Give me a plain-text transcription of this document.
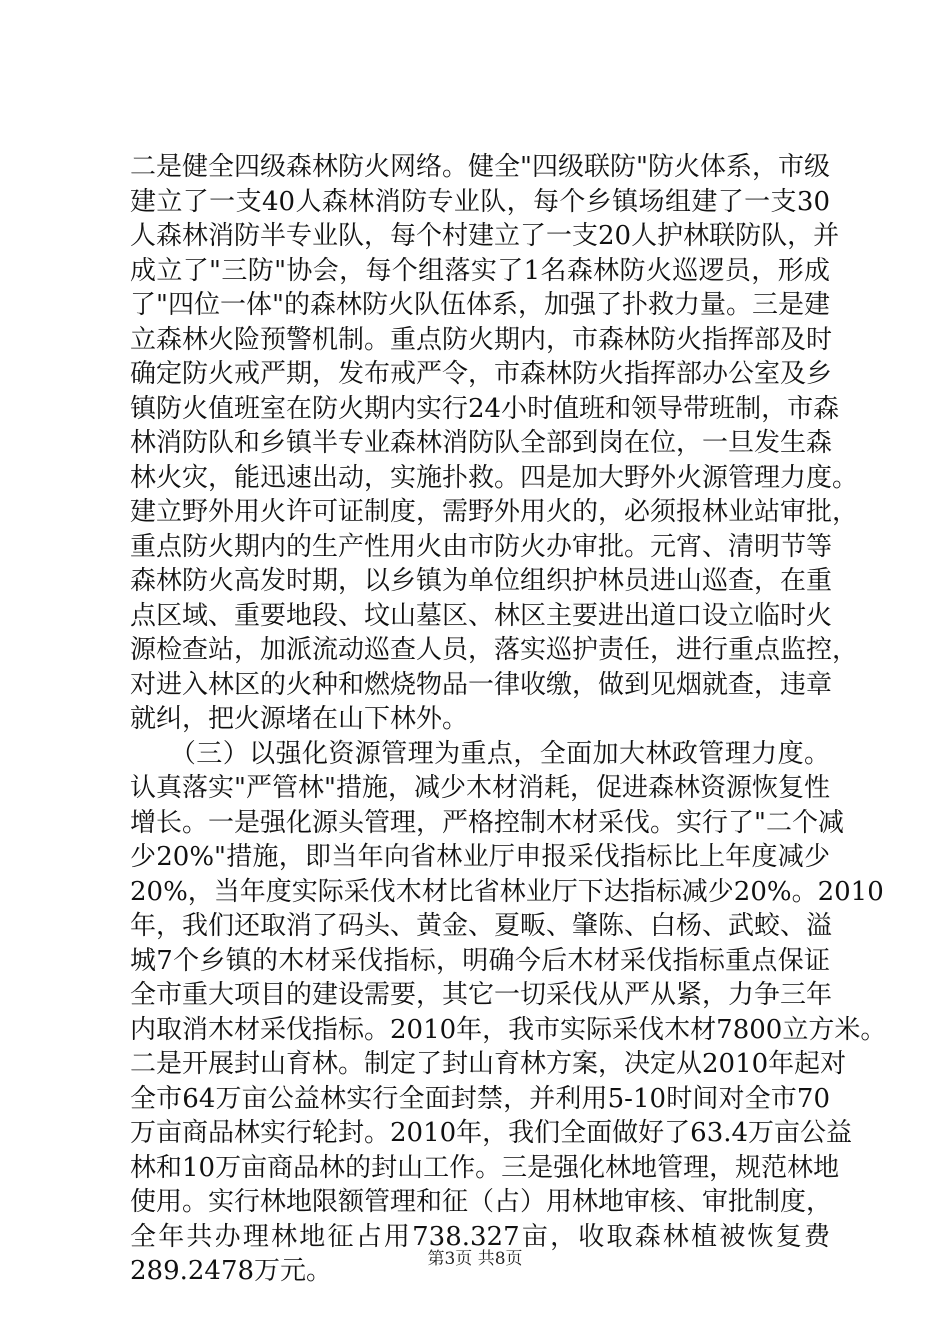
二是健全四级森林防火网络。健全"四级联防"防火体系，市级
建立了一支40人森林消防专业队，每个乡镇场组建了一支30
人森林消防半专业队，每个村建立了一支20人护林联防队，并
成立了"三防"协会，每个组落实了1名森林防火巡逻员，形成
了"四位一体"的森林防火队伍体系，加强了扑救力量。三是建
立森林火险预警机制。重点防火期内，市森林防火指挥部及时
确定防火戒严期，发布戒严令，市森林防火指挥部办公室及乡
镇防火值班室在防火期内实行24小时值班和领导带班制，市森
林消防队和乡镇半专业森林消防队全部到岗在位，一旦发生森
林火灾，能迅速出动，实施扑救。四是加大野外火源管理力度。
建立野外用火许可证制度，需野外用火的，必须报林业站审批，
重点防火期内的生产性用火由市防火办审批。元宵、清明节等
森林防火高发时期，以乡镇为单位组织护林员进山巡查，在重
点区域、重要地段、坟山墓区、林区主要进出道口设立临时火
源检查站，加派流动巡查人员，落实巡护责任，进行重点监控，
对进入林区的火种和燃烧物品一律收缴，做到见烟就查，违章
就纠，把火源堵在山下林外。
　　（三）以强化资源管理为重点，全面加大林政管理力度。
认真落实"严管林"措施，减少木材消耗，促进森林资源恢复性
增长。一是强化源头管理，严格控制木材采伐。实行了"二个减
少20%"措施，即当年向省林业厅申报采伐指标比上年度减少
20%，当年度实际采伐木材比省林业厅下达指标减少20%。2010
年，我们还取消了码头、黄金、夏畈、肇陈、白杨、武蛟、溢
城7个乡镇的木材采伐指标，明确今后木材采伐指标重点保证
全市重大项目的建设需要，其它一切采伐从严从紧，力争三年
内取消木材采伐指标。2010年，我市实际采伐木材7800立方米。
二是开展封山育林。制定了封山育林方案，决定从2010年起对
全市64万亩公益林实行全面封禁，并利用5-10时间对全市70
万亩商品林实行轮封。2010年，我们全面做好了63.4万亩公益
林和10万亩商品林的封山工作。三是强化林地管理，规范林地
使用。实行林地限额管理和征（占）用林地审核、审批制度，
全年共办理林地征占用738.327亩，收取森林植被恢复费
289.2478万元。	第3页 共8页
